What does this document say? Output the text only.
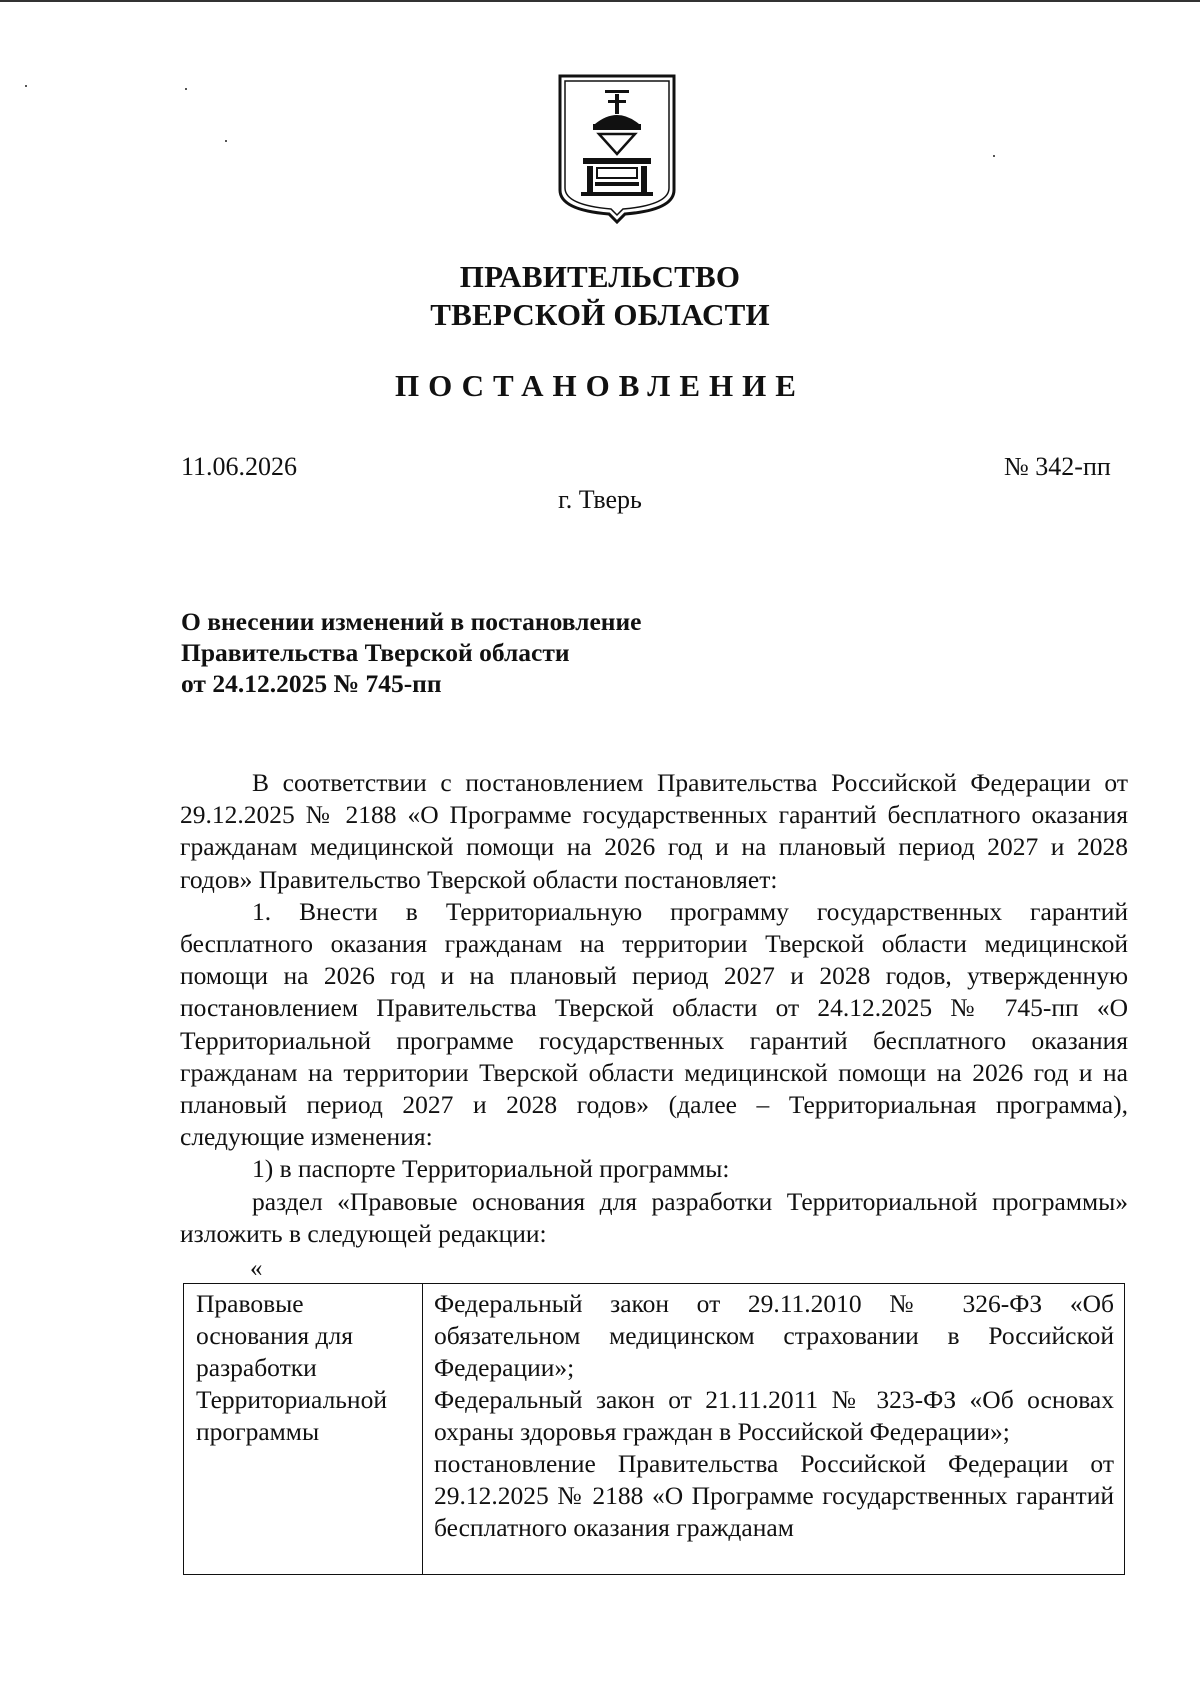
ПРАВИТЕЛЬСТВО
ТВЕРСКОЙ ОБЛАСТИ
ПОСТАНОВЛЕНИЕ
11.06.2026	№ 342-пп
г. Тверь
О внесении изменений в постановление
Правительства Тверской области
от 24.12.2025 № 745-пп

В соответствии с постановлением Правительства Российской Федерации от 29.12.2025 № 2188 «О Программе государственных гарантий бесплатного оказания гражданам медицинской помощи на 2026 год и на плановый период 2027 и 2028 годов» Правительство Тверской области постановляет:

1. Внести в Территориальную программу государственных гарантий бесплатного оказания гражданам на территории Тверской области медицинской помощи на 2026 год и на плановый период 2027 и 2028 годов, утвержденную постановлением Правительства Тверской области от 24.12.2025 № 745-пп «О Территориальной программе государственных гарантий бесплатного оказания гражданам на территории Тверской области медицинской помощи на 2026 год и на плановый период 2027 и 2028 годов» (далее – Территориальная программа), следующие изменения:

1) в паспорте Территориальной программы:

раздел «Правовые основания для разработки Территориальной программы» изложить в следующей редакции:

«
Правовые
основания для
разработки
Территориальной
программы

Федеральный закон от 29.11.2010 № 326-ФЗ «Об обязательном медицинском страховании в Российской Федерации»;

Федеральный закон от 21.11.2011 № 323-ФЗ «Об основах охраны здоровья граждан в Российской Федерации»;

постановление Правительства Российской Федерации от 29.12.2025 № 2188 «О Программе государственных гарантий бесплатного оказания гражданам
